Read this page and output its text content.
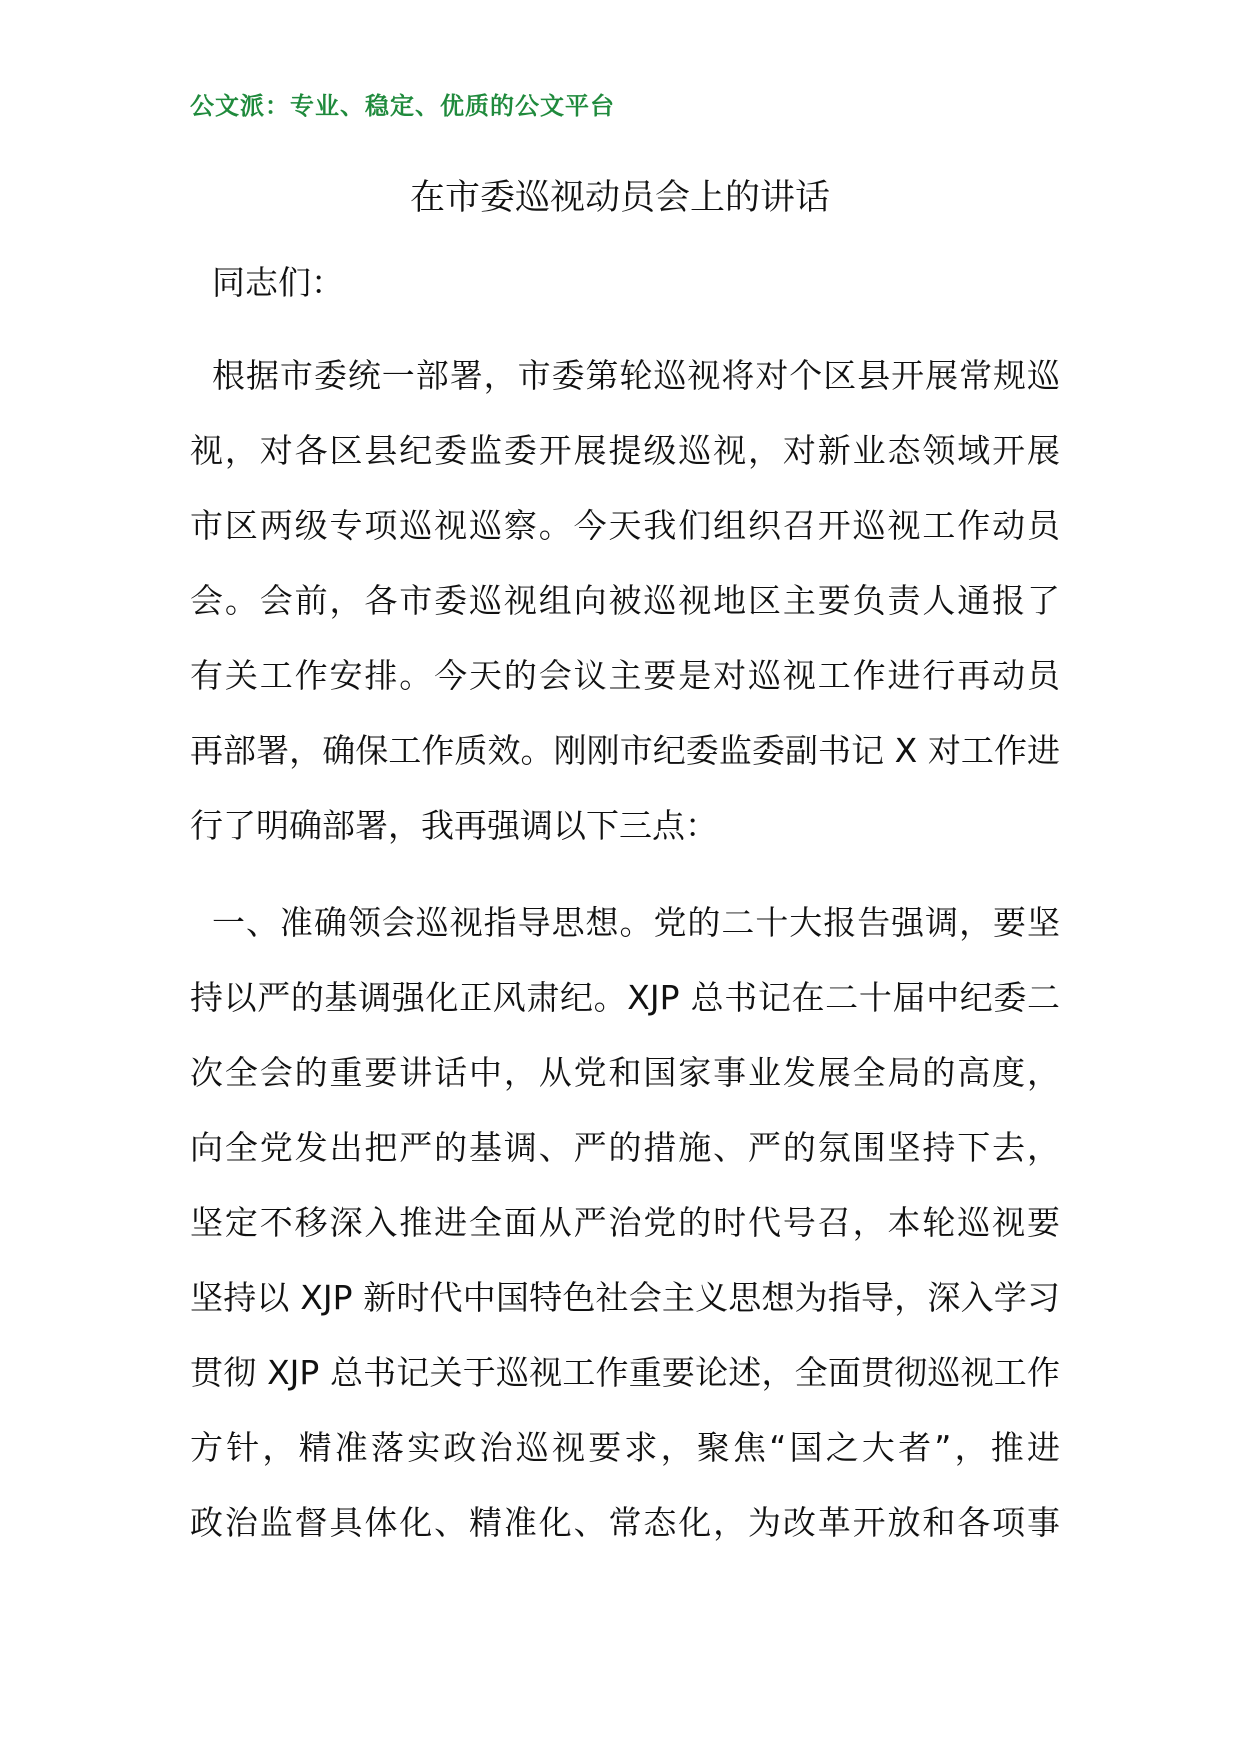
公文派：专业、稳定、优质的公文平台
在市委巡视动员会上的讲话
同志们：
根据市委统一部署，市委第轮巡视将对个区县开展常规巡
视，对各区县纪委监委开展提级巡视，对新业态领域开展
市区两级专项巡视巡察。今天我们组织召开巡视工作动员
会。会前，各市委巡视组向被巡视地区主要负责人通报了
有关工作安排。今天的会议主要是对巡视工作进行再动员
再部署，确保工作质效。刚刚市纪委监委副书记 X 对工作进
行了明确部署，我再强调以下三点：
一、准确领会巡视指导思想。党的二十大报告强调，要坚
持以严的基调强化正风肃纪。XJP 总书记在二十届中纪委二
次全会的重要讲话中，从党和国家事业发展全局的高度，
向全党发出把严的基调、严的措施、严的氛围坚持下去，
坚定不移深入推进全面从严治党的时代号召，本轮巡视要
坚持以 XJP 新时代中国特色社会主义思想为指导，深入学习
贯彻 XJP 总书记关于巡视工作重要论述，全面贯彻巡视工作
方针，精准落实政治巡视要求，聚焦“国之大者”，推进
政治监督具体化、精准化、常态化，为改革开放和各项事
